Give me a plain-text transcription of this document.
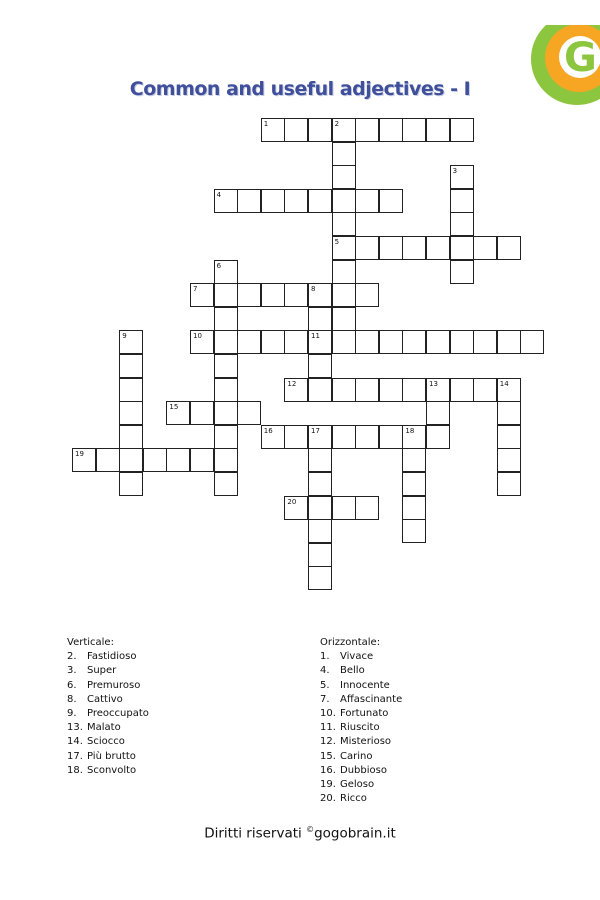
G
Common and useful adjectives - I
1	2
3
4
5
6
7	8
9	10	11
12	13	14
15
16	17	18
19
20
Verticale:
2.	Fastidioso
3.	Super
6.	Premuroso
8.	Cattivo
9.	Preoccupato
13. Malato
14. Sciocco
17. Più brutto
18. Sconvolto
Orizzontale:
1.	Vivace
4.	Bello
5.	Innocente
7.	Affascinante
10. Fortunato
11. Riuscito
12. Misterioso
15. Carino
16. Dubbioso
19. Geloso
20. Ricco
Diritti riservati ©gogobrain.it
